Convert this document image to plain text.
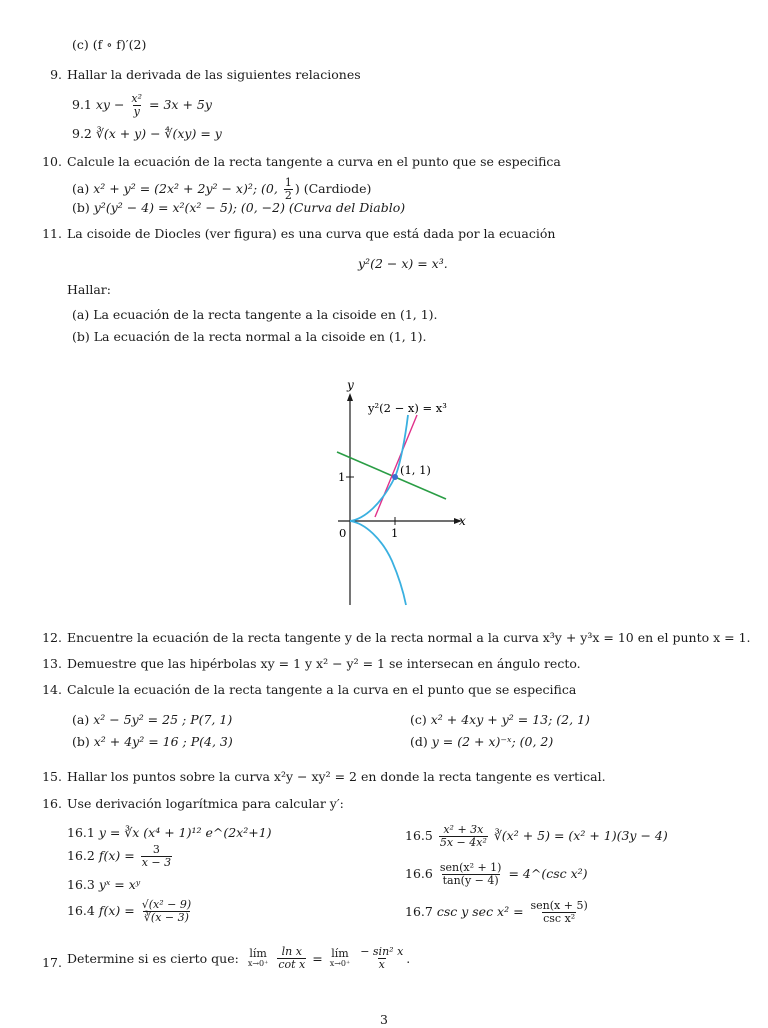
(c) (f ∘ f)′(2)
9. Hallar la derivada de las siguientes relaciones
9.1 xy − $\frac{\text{x²}}{y} = 3x + 5y$
9.2 ∛(x + y) − ∜(xy) = y
10. Calcule la ecuación de la recta tangente a curva en el punto que se especifica
(a) x² + y² = (2x² + 2y² − x)²; (0, $\frac{1}{2}$ ) (Cardiode)
(b) y²(y² − 4) = x²(x² − 5); (0, −2) (Curva del Diablo)
11. La cisoide de Diocles (ver figura) es una curva que está dada por la ecuación
y²(2 − x) = x³.
Hallar:
(a) La ecuación de la recta tangente a la cisoide en (1, 1).
(b) La ecuación de la recta normal a la cisoide en (1, 1).
y
x
y²(2 − x) = x³
(1, 1)
1
1
0
12. Encuentre la ecuación de la recta tangente y de la recta normal a la curva x³y + y³x = 10 en el punto x = 1.
13. Demuestre que las hipérbolas xy = 1 y x² − y² = 1 se intersecan en ángulo recto.
14. Calcule la ecuación de la recta tangente a la curva en el punto que se especifica
(a) x² − 5y² = 25 ; P(7, 1)
(b) x² + 4y² = 16 ; P(4, 3)
(c) x² + 4xy + y² = 13; (2, 1)
(d) y = (2 + x)⁻ˣ; (0, 2)
15. Hallar los puntos sobre la curva x²y − xy² = 2 en donde la recta tangente es vertical.
16. Use derivación logarítmica para calcular y′:
16.1 y = ∛x (x⁴ + 1)¹² e^(2x²+1)
16.2 $f(x) = \frac{3}{x - 3}$
16.3 yˣ = xʸ
16.4 $f(x) = \frac{\text{√(x² − 9)}}{∛(x - 3)}$
$16.5 \frac{\text{x² + 3x}}{\text{5x − 4x²}}$ ∛(x² + 5) = (x² + 1)(3y − 4)
$16.6 \frac{\text{sen(x² + 1)}}{\tan(y - 4)}$ = 4^(csc x²)
16.7 csc y $\sec x^2 = \frac{\text{sen(x + 5)}}{\text{csc x²}}$
17. Determine si es cierto que: lím
x→0⁺
$\frac{\text{ln x}}{\text{cot x}}$ = lím
x→0⁺
$\frac{\text{− sin² x}}{x}$ .
3
